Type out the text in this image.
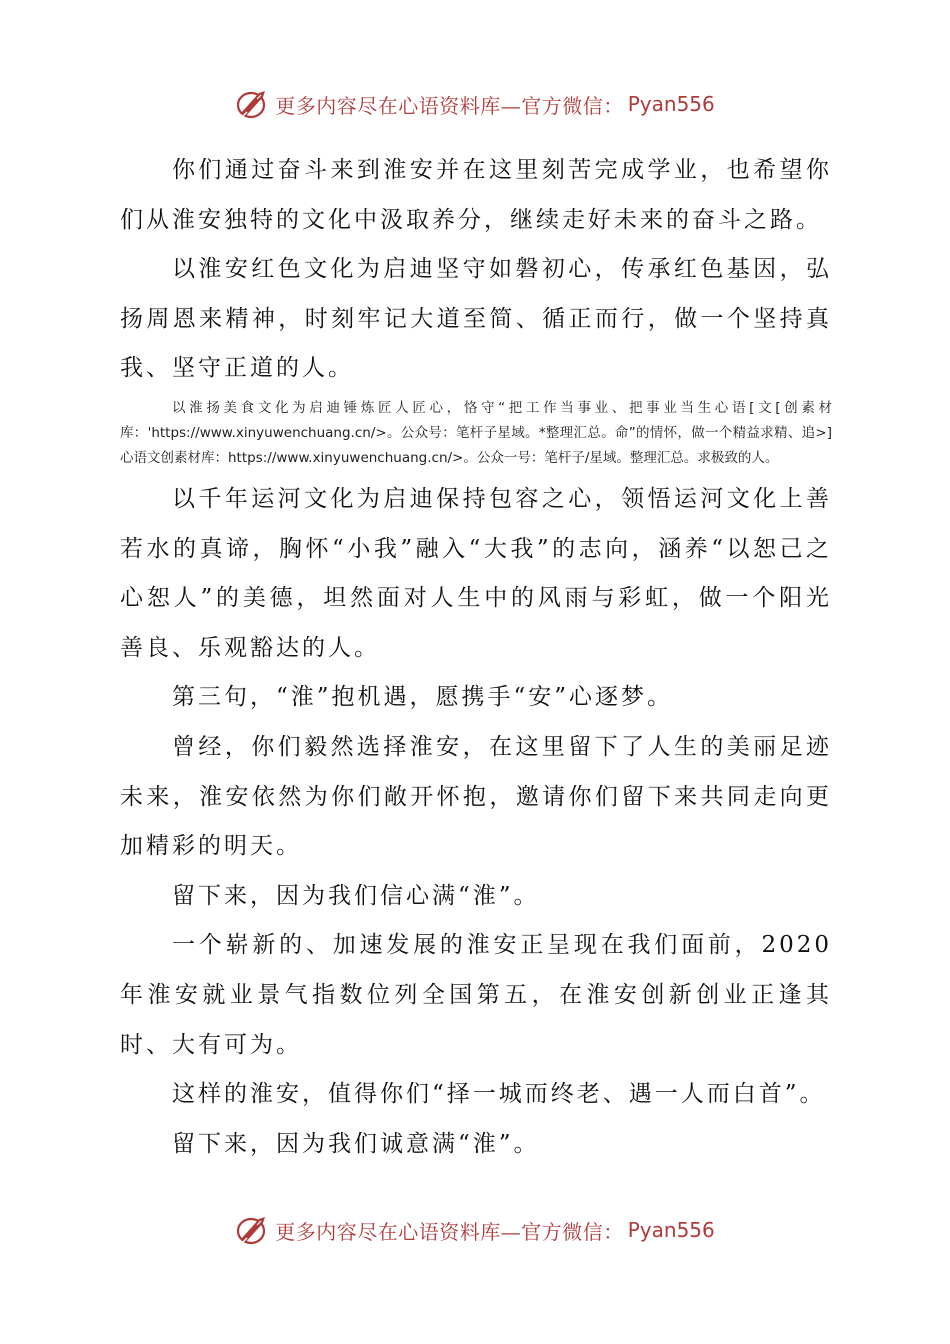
更多内容尽在心语资料库—官方微信： Pyan556

你们通过奋斗来到淮安并在这里刻苦完成学业，也希望你们从淮安独特的文化中汲取养分，继续走好未来的奋斗之路。

以淮安红色文化为启迪坚守如磐初心，传承红色基因，弘扬周恩来精神，时刻牢记大道至简、循正而行，做一个坚持真我、坚守正道的人。

以淮扬美食文化为启迪锤炼匠人匠心，恪守“把工作当事业、把事业当生心语[文[创素材库：'https://www.xinyuwenchuang.cn/>。公众号：笔杆子星域。*整理汇总。命”的情怀，做一个精益求精、追>]心语文创素材库：https://www.xinyuwenchuang.cn/>。公众一号：笔杆子/星域。整理汇总。求极致的人。

以千年运河文化为启迪保持包容之心，领悟运河文化上善若水的真谛，胸怀“小我”融入“大我”的志向，涵养“以恕己之心恕人”的美德，坦然面对人生中的风雨与彩虹，做一个阳光善良、乐观豁达的人。

第三句，“淮”抱机遇，愿携手“安”心逐梦。

曾经，你们毅然选择淮安，在这里留下了人生的美丽足迹未来，淮安依然为你们敞开怀抱，邀请你们留下来共同走向更加精彩的明天。

留下来，因为我们信心满“淮”。

一个崭新的、加速发展的淮安正呈现在我们面前，2020年淮安就业景气指数位列全国第五，在淮安创新创业正逢其时、大有可为。

这样的淮安，值得你们“择一城而终老、遇一人而白首”。

留下来，因为我们诚意满“淮”。

更多内容尽在心语资料库—官方微信： Pyan556
